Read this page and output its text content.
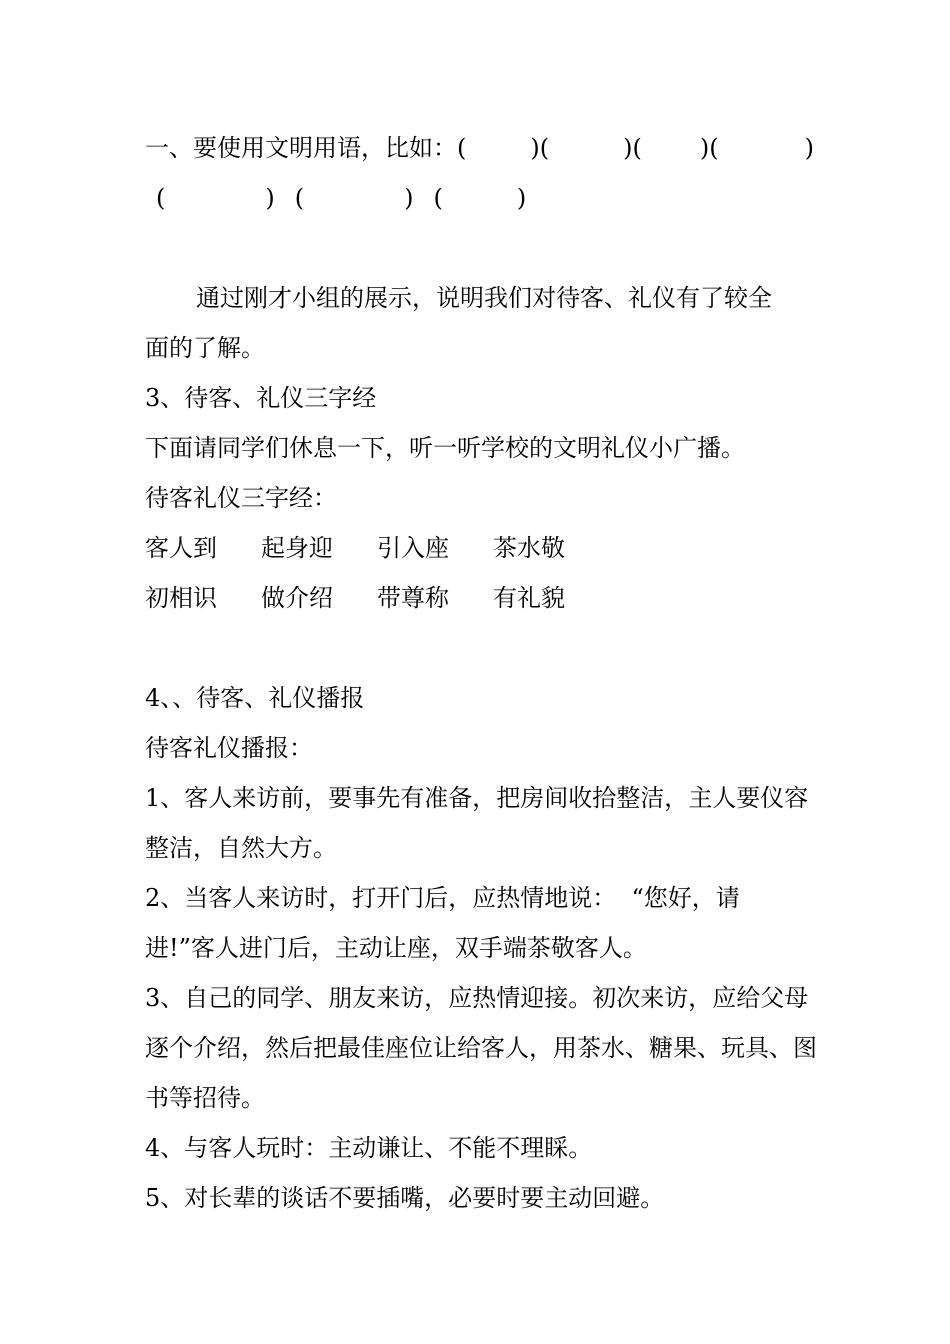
一、要使用文明用语，比如： (	) (	) ( ) (	)
(	) (	) (	)
通过刚才小组的展示，说明我们对待客、礼仪有了较全
面的了解。
3、待客、礼仪三字经
下面请同学们休息一下，听一听学校的文明礼仪小广播。
待客礼仪三字经：
客人到	起身迎	引入座	茶水敬
初相识	做介绍	带尊称	有礼貌
4、、待客、礼仪播报
待客礼仪播报：
1、客人来访前，要事先有准备，把房间收拾整洁，主人要仪容
整洁，自然大方。
2、当客人来访时，打开门后，应热情地说：  “您好，请
进!”客人进门后，主动让座，双手端茶敬客人。
3、自己的同学、朋友来访，应热情迎接。初次来访，应给父母
逐个介绍，然后把最佳座位让给客人，用茶水、糖果、玩具、图
书等招待。
4、与客人玩时：主动谦让、不能不理睬。
5、对长辈的谈话不要插嘴，必要时要主动回避。
